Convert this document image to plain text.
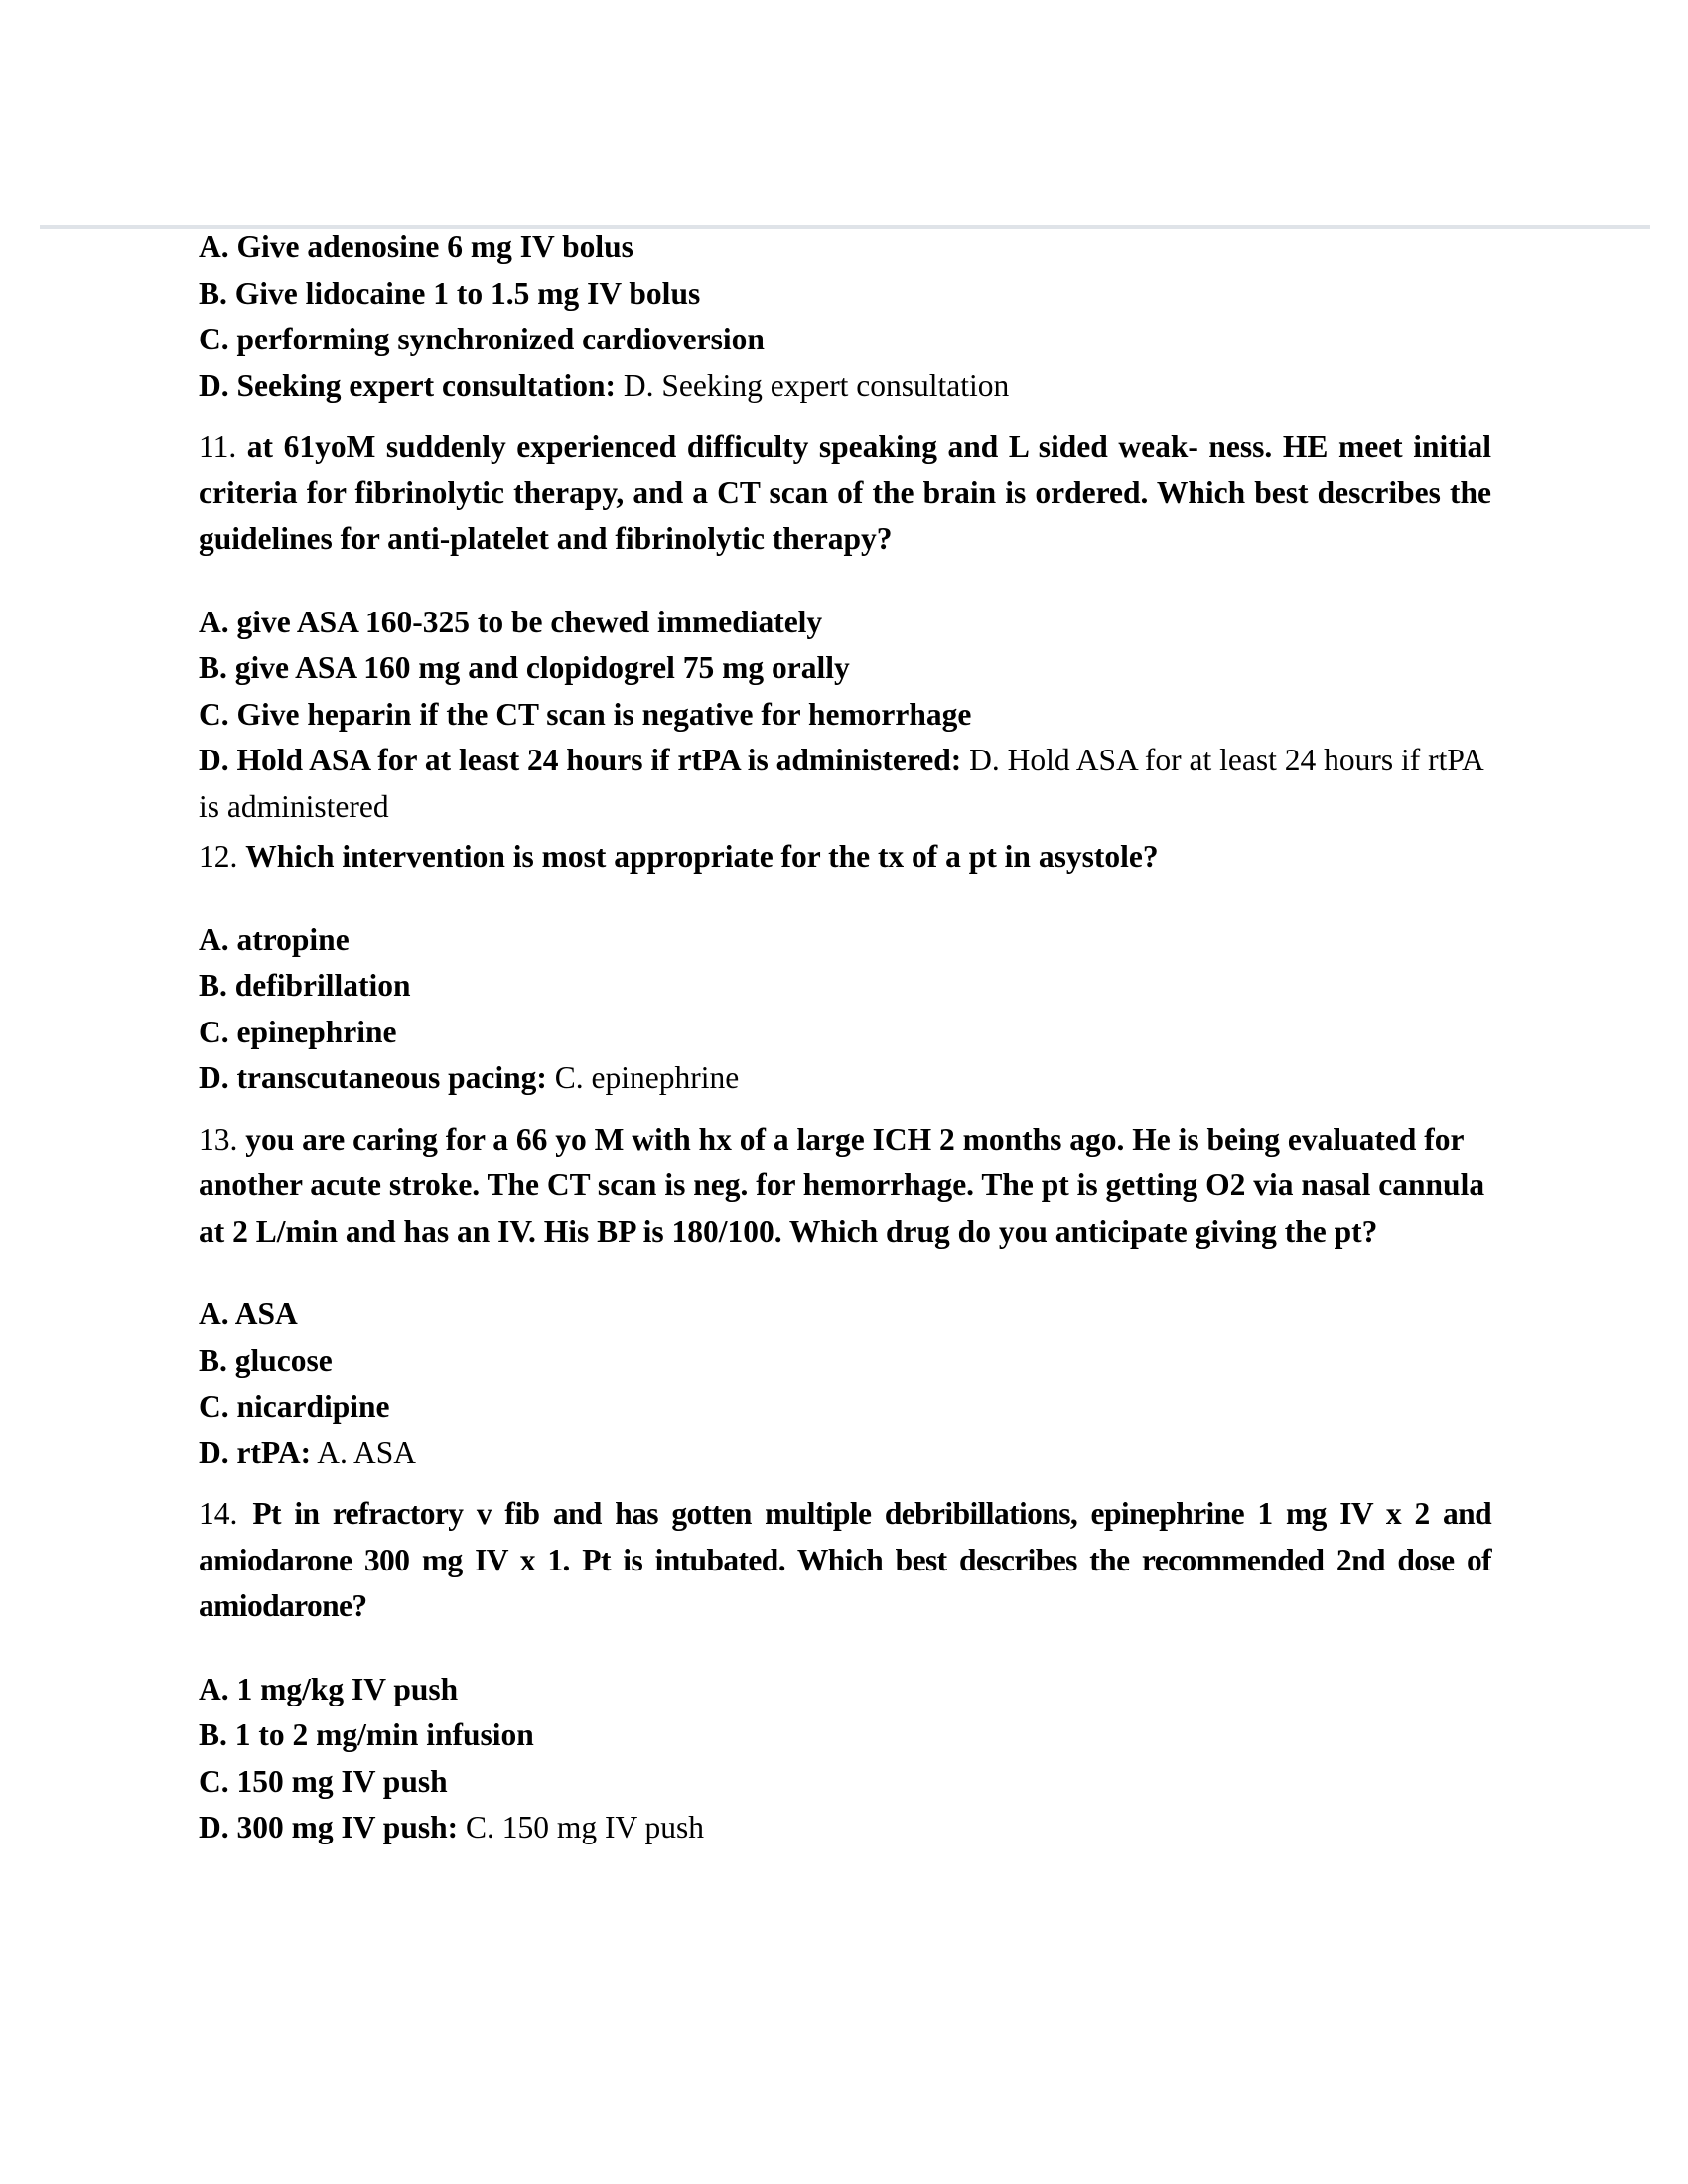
A. Give adenosine 6 mg IV bolus
B. Give lidocaine 1 to 1.5 mg IV bolus
C. performing synchronized cardioversion
D. Seeking expert consultation: D. Seeking expert consultation
11. at 61yoM suddenly experienced difficulty speaking and L sided weak- ness. HE meet initial criteria for fibrinolytic therapy, and a CT scan of the brain is ordered. Which best describes the guidelines for anti-platelet and fibrinolytic therapy?
A. give ASA 160-325 to be chewed immediately
B. give ASA 160 mg and clopidogrel 75 mg orally
C. Give heparin if the CT scan is negative for hemorrhage
D. Hold ASA for at least 24 hours if rtPA is administered: D. Hold ASA for at least 24 hours if rtPA is administered
12. Which intervention is most appropriate for the tx of a pt in asystole?
A. atropine
B. defibrillation
C. epinephrine
D. transcutaneous pacing: C. epinephrine
13. you are caring for a 66 yo M with hx of a large ICH 2 months ago. He is being evaluated for another acute stroke. The CT scan is neg. for hemorrhage. The pt is getting O2 via nasal cannula at 2 L/min and has an IV. His BP is 180/100. Which drug do you anticipate giving the pt?
A. ASA
B. glucose
C. nicardipine
D. rtPA: A. ASA
14. Pt in refractory v fib and has gotten multiple debribillations, epinephrine 1 mg IV x 2 and amiodarone 300 mg IV x 1. Pt is intubated. Which best describes the recommended 2nd dose of amiodarone?
A. 1 mg/kg IV push
B. 1 to 2 mg/min infusion
C. 150 mg IV push
D. 300 mg IV push: C. 150 mg IV push
